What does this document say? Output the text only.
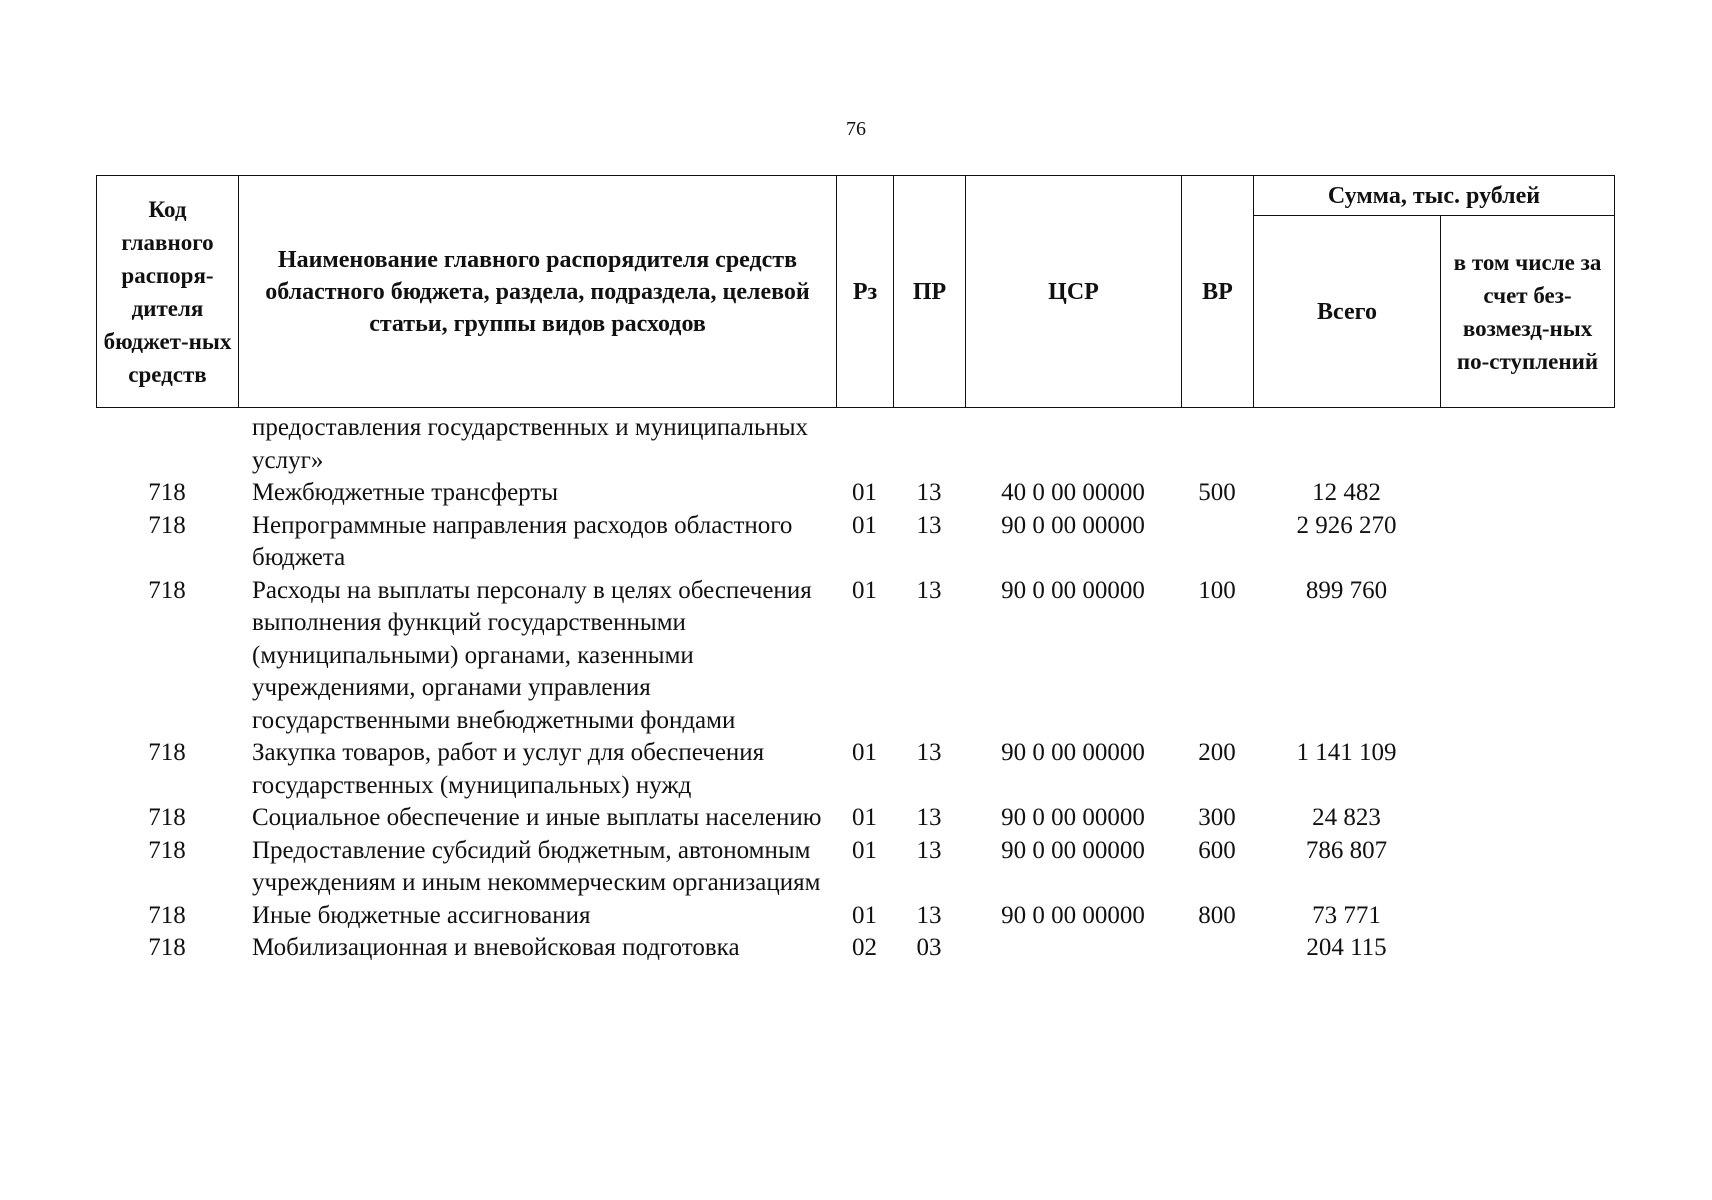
76
Код главного распоря-дителя бюджет-ных средств	Наименование главного распорядителя средств областного бюджета, раздела, подраздела, целевой статьи, группы видов расходов	Рз	ПР	ЦСР	ВР	Сумма, тыс. рублей	
						Всего	в том числе за счет без-возмезд-ных по-ступлений
	предоставления государственных и муниципальных услуг»						
718	Межбюджетные трансферты	01	13	40 0 00 00000	500	12 482	
718	Непрограммные направления расходов областного бюджета	01	13	90 0 00 00000		2 926 270	
718	Расходы на выплаты персоналу в целях обеспечения выполнения функций государственными (муниципальными) органами, казенными учреждениями, органами управления государственными внебюджетными фондами	01	13	90 0 00 00000	100	899 760	
718	Закупка товаров, работ и услуг для обеспечения государственных (муниципальных) нужд	01	13	90 0 00 00000	200	1 141 109	
718	Социальное обеспечение и иные выплаты населению	01	13	90 0 00 00000	300	24 823	
718	Предоставление субсидий бюджетным, автономным учреждениям и иным некоммерческим организациям	01	13	90 0 00 00000	600	786 807	
718	Иные бюджетные ассигнования	01	13	90 0 00 00000	800	73 771	
718	Мобилизационная и вневойсковая подготовка	02	03			204 115	
